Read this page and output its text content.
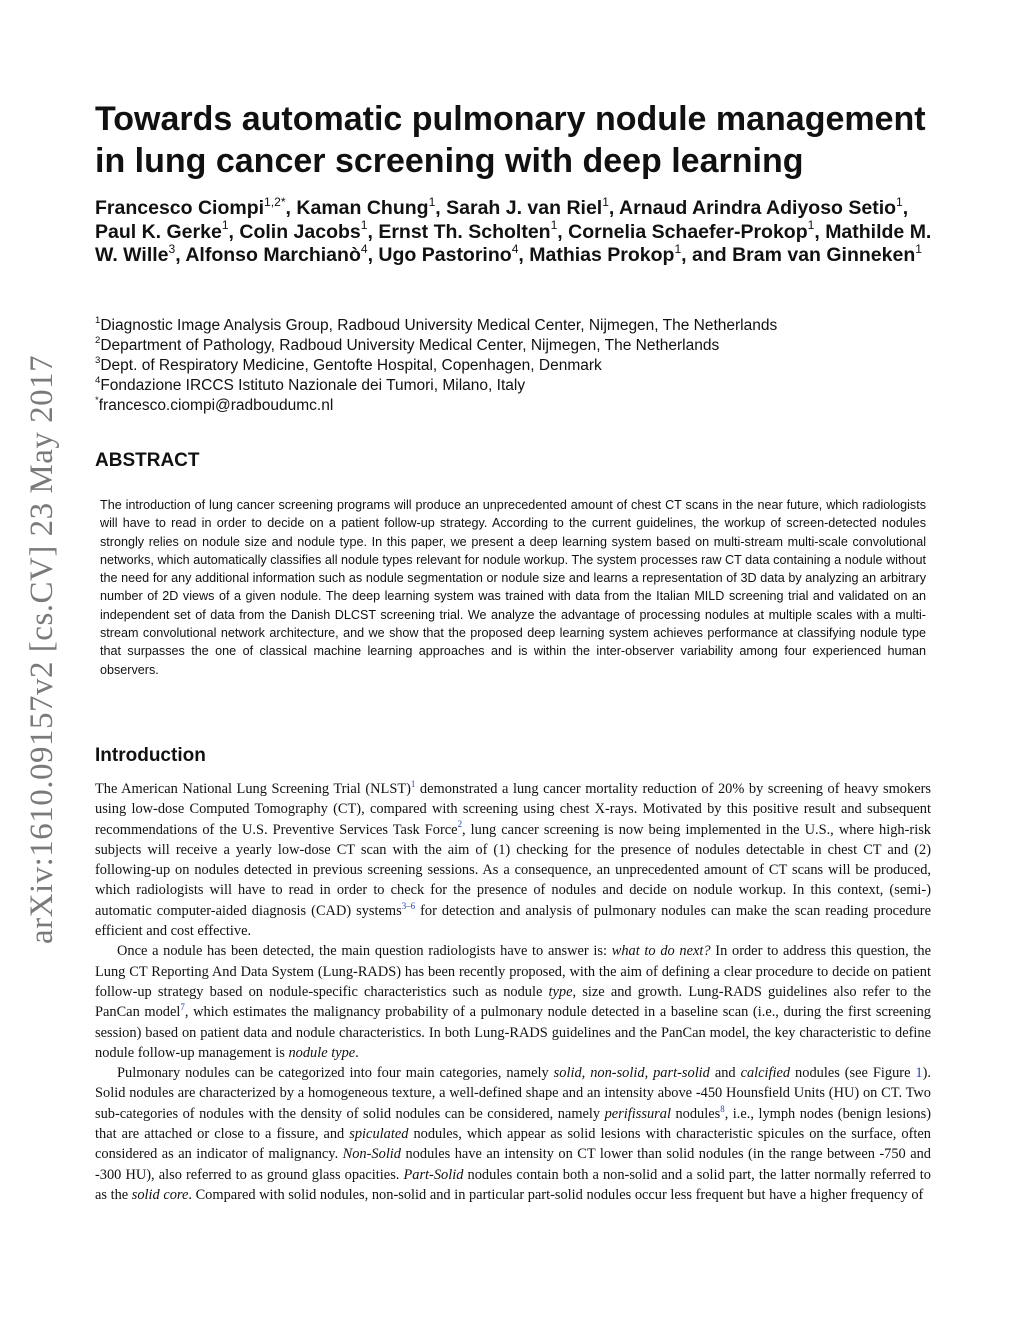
arXiv:1610.09157v2 [cs.CV] 23 May 2017
Towards automatic pulmonary nodule management in lung cancer screening with deep learning

Francesco Ciompi$^{1,2*}$, Kaman Chung$^1$, Sarah J. van Riel$^1$, Arnaud Arindra Adiyoso Setio$^1$, Paul K. Gerke$^1$, Colin Jacobs$^1$, Ernst Th. Scholten$^1$, Cornelia Schaefer-Prokop$^1$, Mathilde M. W. Wille$^3$, Alfonso Marchianò$^4$, Ugo Pastorino$^4$, Mathias Prokop$^1$, and Bram van Ginneken$^1$

$^1$Diagnostic Image Analysis Group, Radboud University Medical Center, Nijmegen, The Netherlands
$^2$Department of Pathology, Radboud University Medical Center, Nijmegen, The Netherlands
$^3$Dept. of Respiratory Medicine, Gentofte Hospital, Copenhagen, Denmark
$^4$Fondazione IRCCS Istituto Nazionale dei Tumori, Milano, Italy
*francesco.ciompi@radboudumc.nl
ABSTRACT

The introduction of lung cancer screening programs will produce an unprecedented amount of chest CT scans in the near future, which radiologists will have to read in order to decide on a patient follow-up strategy. According to the current guidelines, the workup of screen-detected nodules strongly relies on nodule size and nodule type. In this paper, we present a deep learning system based on multi-stream multi-scale convolutional networks, which automatically classifies all nodule types relevant for nodule workup. The system processes raw CT data containing a nodule without the need for any additional information such as nodule segmentation or nodule size and learns a representation of 3D data by analyzing an arbitrary number of 2D views of a given nodule. The deep learning system was trained with data from the Italian MILD screening trial and validated on an independent set of data from the Danish DLCST screening trial. We analyze the advantage of processing nodules at multiple scales with a multi-stream convolutional network architecture, and we show that the proposed deep learning system achieves performance at classifying nodule type that surpasses the one of classical machine learning approaches and is within the inter-observer variability among four experienced human observers.

Introduction

The American National Lung Screening Trial (NLST)$^1$ demonstrated a lung cancer mortality reduction of 20% by screening of heavy smokers using low-dose Computed Tomography (CT), compared with screening using chest X-rays. Motivated by this positive result and subsequent recommendations of the U.S. Preventive Services Task Force$^2$, lung cancer screening is now being implemented in the U.S., where high-risk subjects will receive a yearly low-dose CT scan with the aim of (1) checking for the presence of nodules detectable in chest CT and (2) following-up on nodules detected in previous screening sessions. As a consequence, an unprecedented amount of CT scans will be produced, which radiologists will have to read in order to check for the presence of nodules and decide on nodule workup. In this context, (semi-) automatic computer-aided diagnosis (CAD) systems$^{3-6}$ for detection and analysis of pulmonary nodules can make the scan reading procedure efficient and cost effective.

Once a nodule has been detected, the main question radiologists have to answer is: what to do next? In order to address this question, the Lung CT Reporting And Data System (Lung-RADS) has been recently proposed, with the aim of defining a clear procedure to decide on patient follow-up strategy based on nodule-specific characteristics such as nodule type, size and growth. Lung-RADS guidelines also refer to the PanCan model$^7$, which estimates the malignancy probability of a pulmonary nodule detected in a baseline scan (i.e., during the first screening session) based on patient data and nodule characteristics. In both Lung-RADS guidelines and the PanCan model, the key characteristic to define nodule follow-up management is nodule type.

Pulmonary nodules can be categorized into four main categories, namely solid, non-solid, part-solid and calcified nodules (see Figure 1). Solid nodules are characterized by a homogeneous texture, a well-defined shape and an intensity above -450 Hounsfield Units (HU) on CT. Two sub-categories of nodules with the density of solid nodules can be considered, namely perifissural nodules$^8$, i.e., lymph nodes (benign lesions) that are attached or close to a fissure, and spiculated nodules, which appear as solid lesions with characteristic spicules on the surface, often considered as an indicator of malignancy. Non-Solid nodules have an intensity on CT lower than solid nodules (in the range between -750 and -300 HU), also referred to as ground glass opacities. Part-Solid nodules contain both a non-solid and a solid part, the latter normally referred to as the solid core. Compared with solid nodules, non-solid and in particular part-solid nodules occur less frequent but have a higher frequency of
